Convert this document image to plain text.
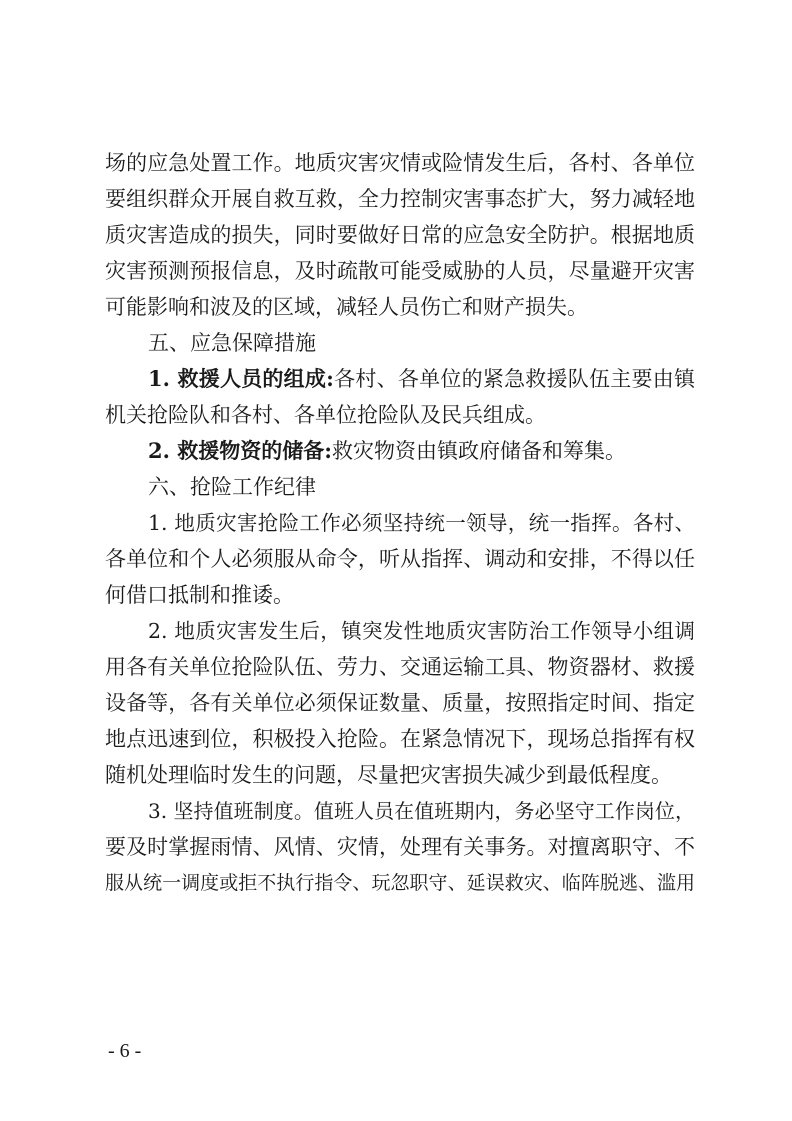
场的应急处置工作。地质灾害灾情或险情发生后，各村、各单位
要组织群众开展自救互救，全力控制灾害事态扩大，努力减轻地
质灾害造成的损失，同时要做好日常的应急安全防护。根据地质
灾害预测预报信息，及时疏散可能受威胁的人员，尽量避开灾害
可能影响和波及的区域，减轻人员伤亡和财产损失。
五、应急保障措施
1. 救援人员的组成:各村、各单位的紧急救援队伍主要由镇
机关抢险队和各村、各单位抢险队及民兵组成。
2. 救援物资的储备:救灾物资由镇政府储备和筹集。
六、抢险工作纪律
1. 地质灾害抢险工作必须坚持统一领导，统一指挥。各村、
各单位和个人必须服从命令，听从指挥、调动和安排，不得以任
何借口抵制和推诿。
2. 地质灾害发生后，镇突发性地质灾害防治工作领导小组调
用各有关单位抢险队伍、劳力、交通运输工具、物资器材、救援
设备等，各有关单位必须保证数量、质量，按照指定时间、指定
地点迅速到位，积极投入抢险。在紧急情况下，现场总指挥有权
随机处理临时发生的问题，尽量把灾害损失减少到最低程度。
3. 坚持值班制度。值班人员在值班期内，务必坚守工作岗位，
要及时掌握雨情、风情、灾情，处理有关事务。对擅离职守、不
服从统一调度或拒不执行指令、玩忽职守、延误救灾、临阵脱逃、滥用
- 6 -
